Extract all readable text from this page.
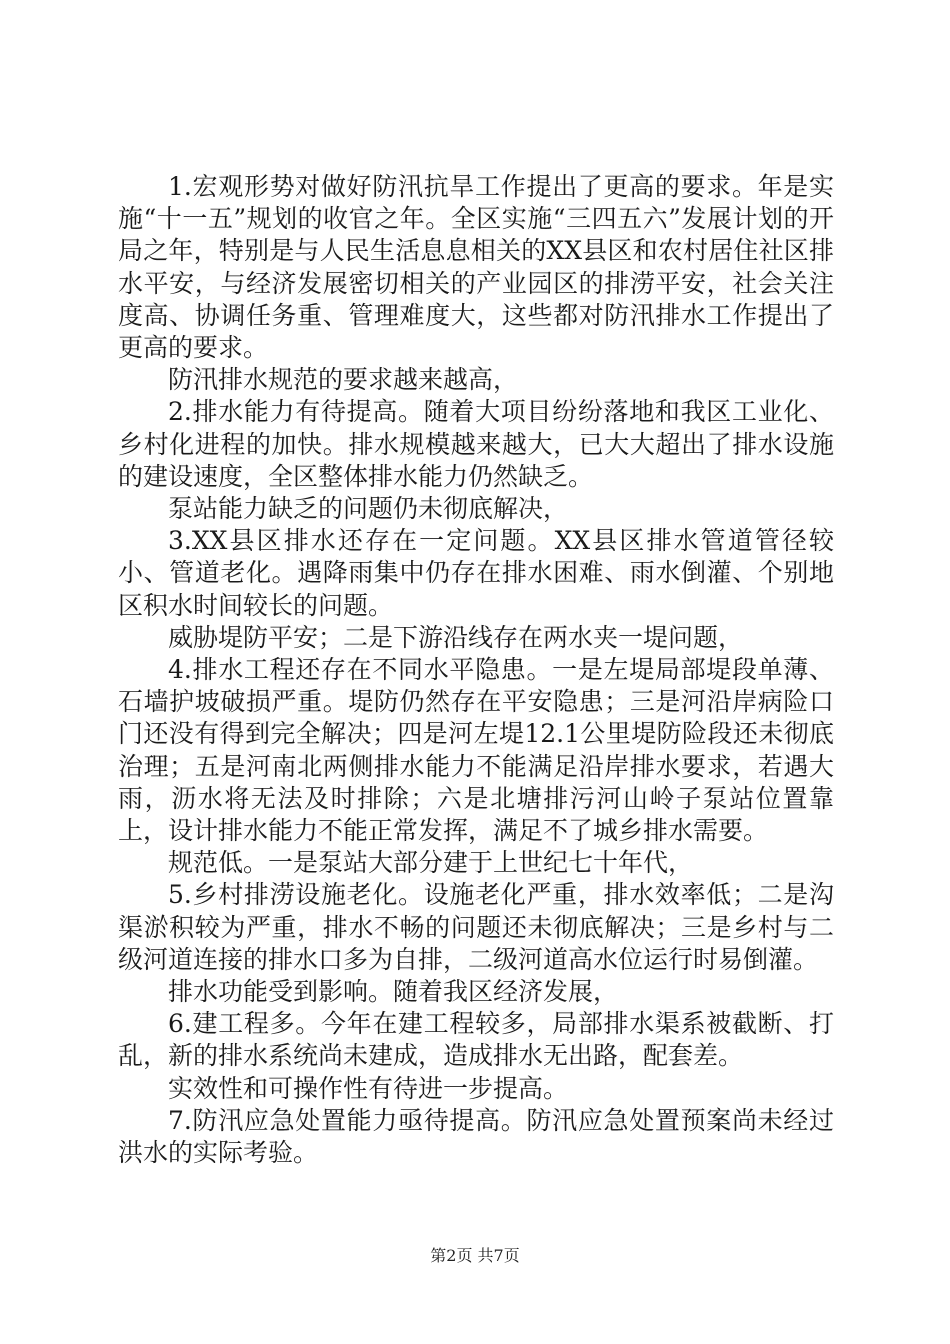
1.宏观形势对做好防汛抗旱工作提出了更高的要求。年是实施“十一五”规划的收官之年。全区实施“三四五六”发展计划的开局之年，特别是与人民生活息息相关的XX县区和农村居住社区排水平安，与经济发展密切相关的产业园区的排涝平安，社会关注度高、协调任务重、管理难度大，这些都对防汛排水工作提出了更高的要求。

防汛排水规范的要求越来越高，

2.排水能力有待提高。随着大项目纷纷落地和我区工业化、乡村化进程的加快。排水规模越来越大，已大大超出了排水设施的建设速度，全区整体排水能力仍然缺乏。

泵站能力缺乏的问题仍未彻底解决，

3.XX县区排水还存在一定问题。XX县区排水管道管径较小、管道老化。遇降雨集中仍存在排水困难、雨水倒灌、个别地区积水时间较长的问题。

威胁堤防平安；二是下游沿线存在两水夹一堤问题，

4.排水工程还存在不同水平隐患。一是左堤局部堤段单薄、石墙护坡破损严重。堤防仍然存在平安隐患；三是河沿岸病险口门还没有得到完全解决；四是河左堤12.1公里堤防险段还未彻底治理；五是河南北两侧排水能力不能满足沿岸排水要求，若遇大雨，沥水将无法及时排除；六是北塘排污河山岭子泵站位置靠上，设计排水能力不能正常发挥，满足不了城乡排水需要。

规范低。一是泵站大部分建于上世纪七十年代，

5.乡村排涝设施老化。设施老化严重，排水效率低；二是沟渠淤积较为严重，排水不畅的问题还未彻底解决；三是乡村与二级河道连接的排水口多为自排，二级河道高水位运行时易倒灌。

排水功能受到影响。随着我区经济发展，

6.建工程多。今年在建工程较多，局部排水渠系被截断、打乱，新的排水系统尚未建成，造成排水无出路，配套差。

实效性和可操作性有待进一步提高。

7.防汛应急处置能力亟待提高。防汛应急处置预案尚未经过洪水的实际考验。

第2页 共7页
